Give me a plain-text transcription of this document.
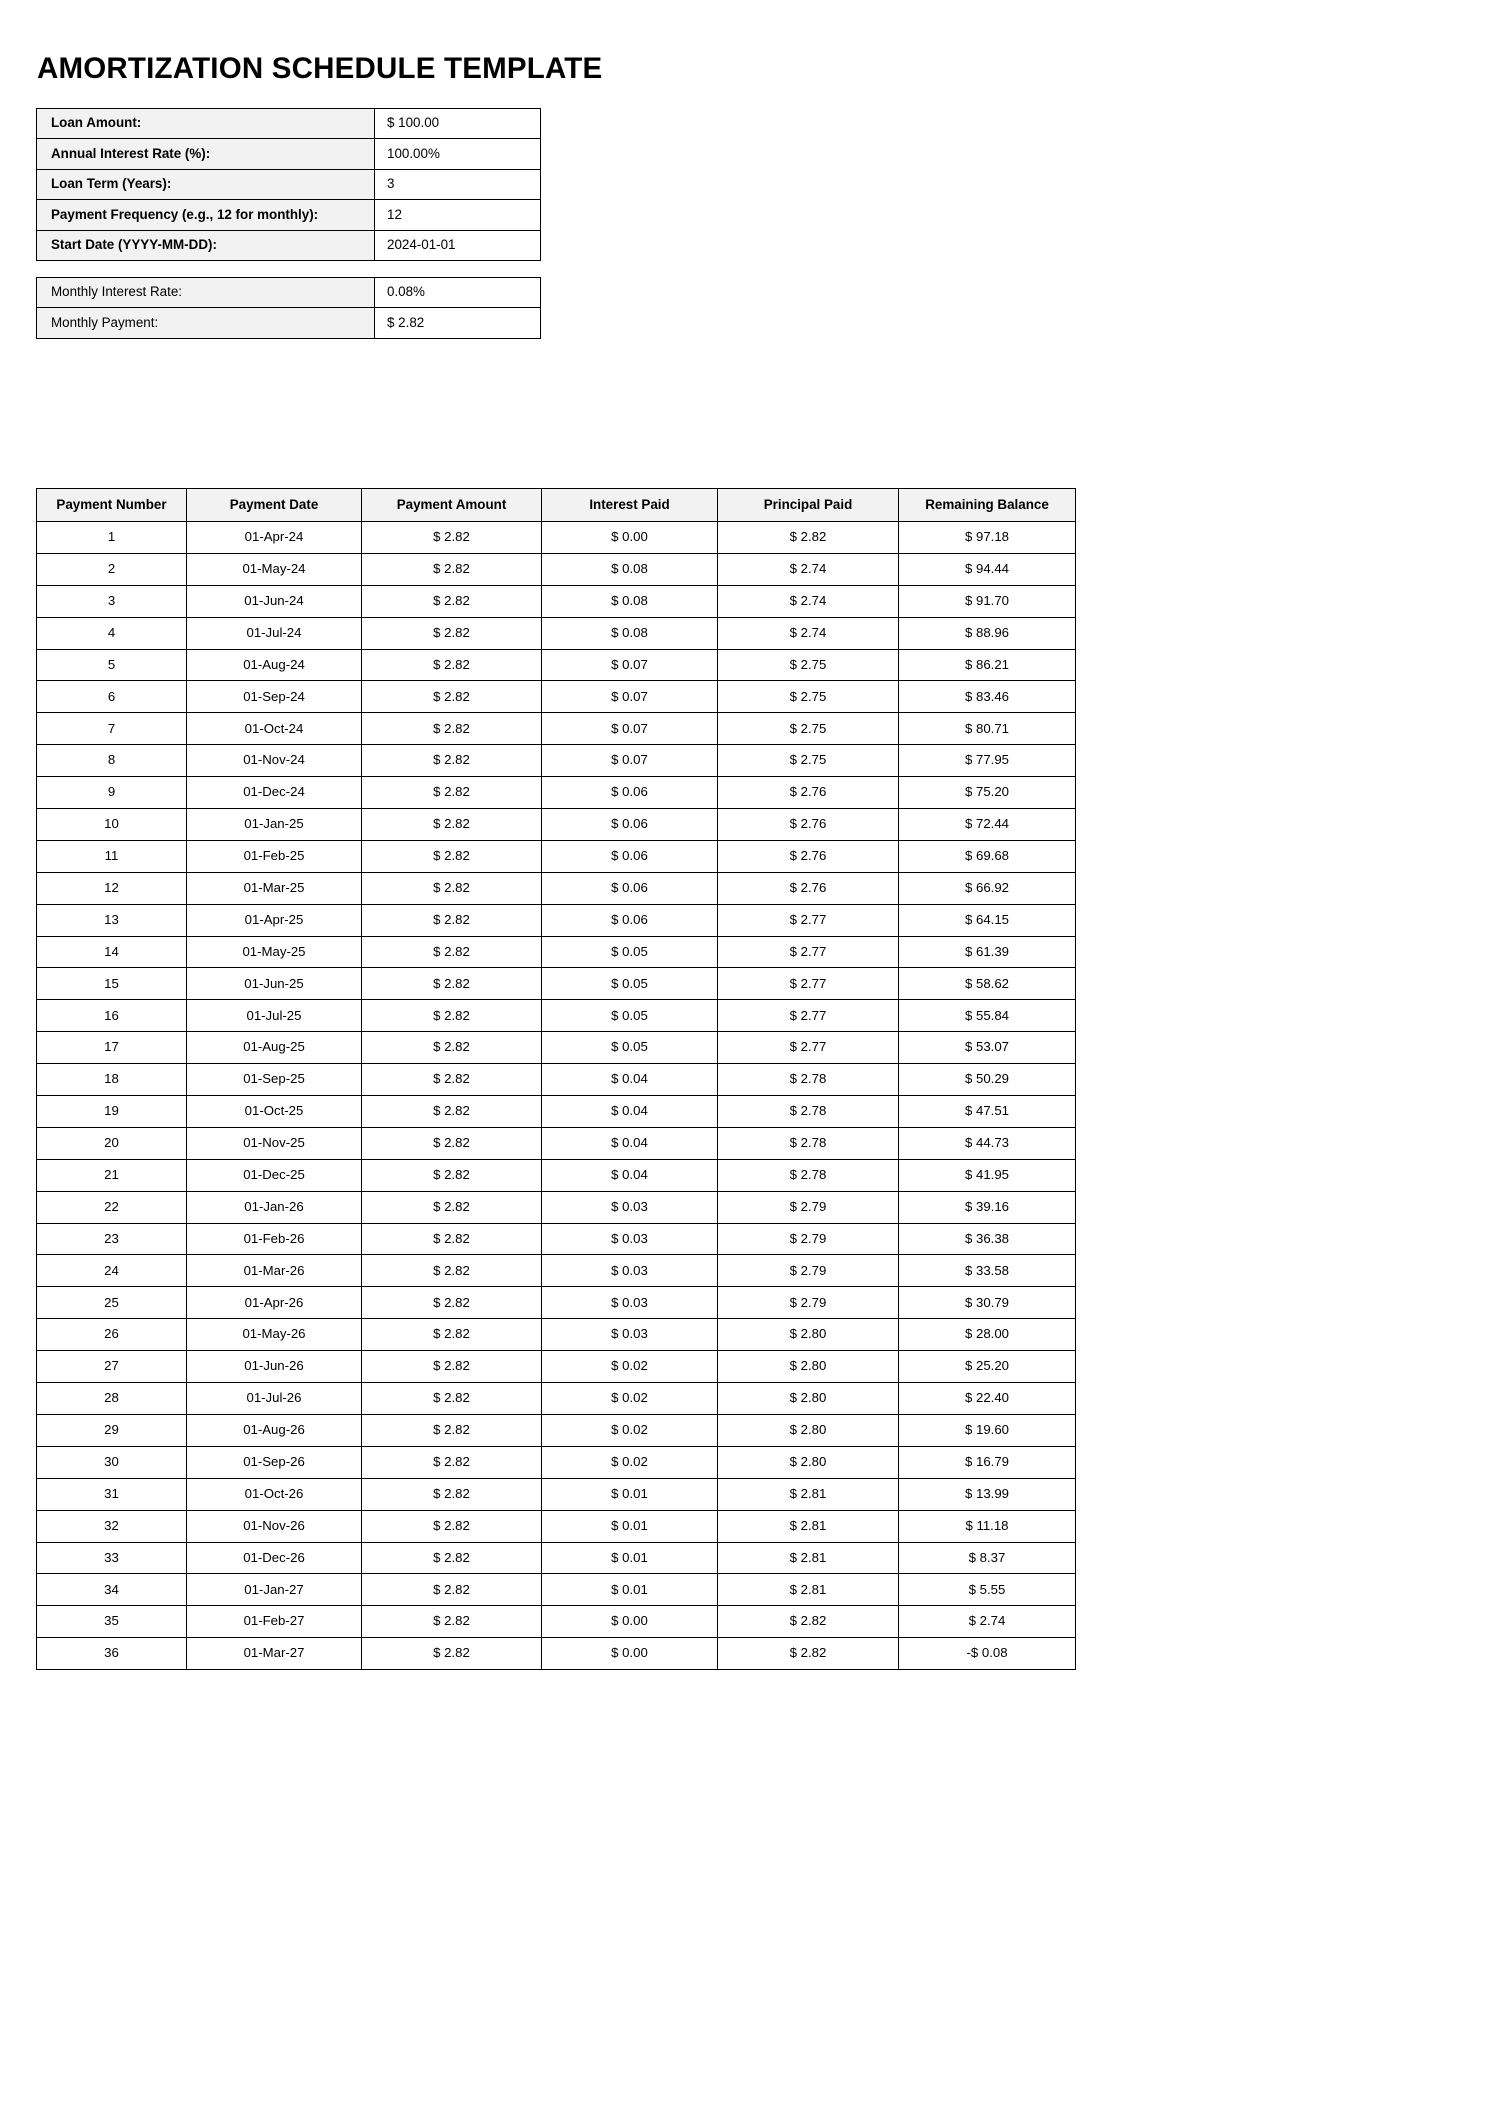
AMORTIZATION SCHEDULE TEMPLATE
Loan Amount:	$ 100.00
Annual Interest Rate (%):	100.00%
Loan Term (Years):	3
Payment Frequency (e.g., 12 for monthly):	12
Start Date (YYYY-MM-DD):	2024-01-01
Monthly Interest Rate:	0.08%
Monthly Payment:	$ 2.82
Payment Number	Payment Date	Payment Amount	Interest Paid	Principal Paid	Remaining Balance
1	01-Apr-24	$ 2.82	$ 0.00	$ 2.82	$ 97.18
2	01-May-24	$ 2.82	$ 0.08	$ 2.74	$ 94.44
3	01-Jun-24	$ 2.82	$ 0.08	$ 2.74	$ 91.70
4	01-Jul-24	$ 2.82	$ 0.08	$ 2.74	$ 88.96
5	01-Aug-24	$ 2.82	$ 0.07	$ 2.75	$ 86.21
6	01-Sep-24	$ 2.82	$ 0.07	$ 2.75	$ 83.46
7	01-Oct-24	$ 2.82	$ 0.07	$ 2.75	$ 80.71
8	01-Nov-24	$ 2.82	$ 0.07	$ 2.75	$ 77.95
9	01-Dec-24	$ 2.82	$ 0.06	$ 2.76	$ 75.20
10	01-Jan-25	$ 2.82	$ 0.06	$ 2.76	$ 72.44
11	01-Feb-25	$ 2.82	$ 0.06	$ 2.76	$ 69.68
12	01-Mar-25	$ 2.82	$ 0.06	$ 2.76	$ 66.92
13	01-Apr-25	$ 2.82	$ 0.06	$ 2.77	$ 64.15
14	01-May-25	$ 2.82	$ 0.05	$ 2.77	$ 61.39
15	01-Jun-25	$ 2.82	$ 0.05	$ 2.77	$ 58.62
16	01-Jul-25	$ 2.82	$ 0.05	$ 2.77	$ 55.84
17	01-Aug-25	$ 2.82	$ 0.05	$ 2.77	$ 53.07
18	01-Sep-25	$ 2.82	$ 0.04	$ 2.78	$ 50.29
19	01-Oct-25	$ 2.82	$ 0.04	$ 2.78	$ 47.51
20	01-Nov-25	$ 2.82	$ 0.04	$ 2.78	$ 44.73
21	01-Dec-25	$ 2.82	$ 0.04	$ 2.78	$ 41.95
22	01-Jan-26	$ 2.82	$ 0.03	$ 2.79	$ 39.16
23	01-Feb-26	$ 2.82	$ 0.03	$ 2.79	$ 36.38
24	01-Mar-26	$ 2.82	$ 0.03	$ 2.79	$ 33.58
25	01-Apr-26	$ 2.82	$ 0.03	$ 2.79	$ 30.79
26	01-May-26	$ 2.82	$ 0.03	$ 2.80	$ 28.00
27	01-Jun-26	$ 2.82	$ 0.02	$ 2.80	$ 25.20
28	01-Jul-26	$ 2.82	$ 0.02	$ 2.80	$ 22.40
29	01-Aug-26	$ 2.82	$ 0.02	$ 2.80	$ 19.60
30	01-Sep-26	$ 2.82	$ 0.02	$ 2.80	$ 16.79
31	01-Oct-26	$ 2.82	$ 0.01	$ 2.81	$ 13.99
32	01-Nov-26	$ 2.82	$ 0.01	$ 2.81	$ 11.18
33	01-Dec-26	$ 2.82	$ 0.01	$ 2.81	$ 8.37
34	01-Jan-27	$ 2.82	$ 0.01	$ 2.81	$ 5.55
35	01-Feb-27	$ 2.82	$ 0.00	$ 2.82	$ 2.74
36	01-Mar-27	$ 2.82	$ 0.00	$ 2.82	-$ 0.08
